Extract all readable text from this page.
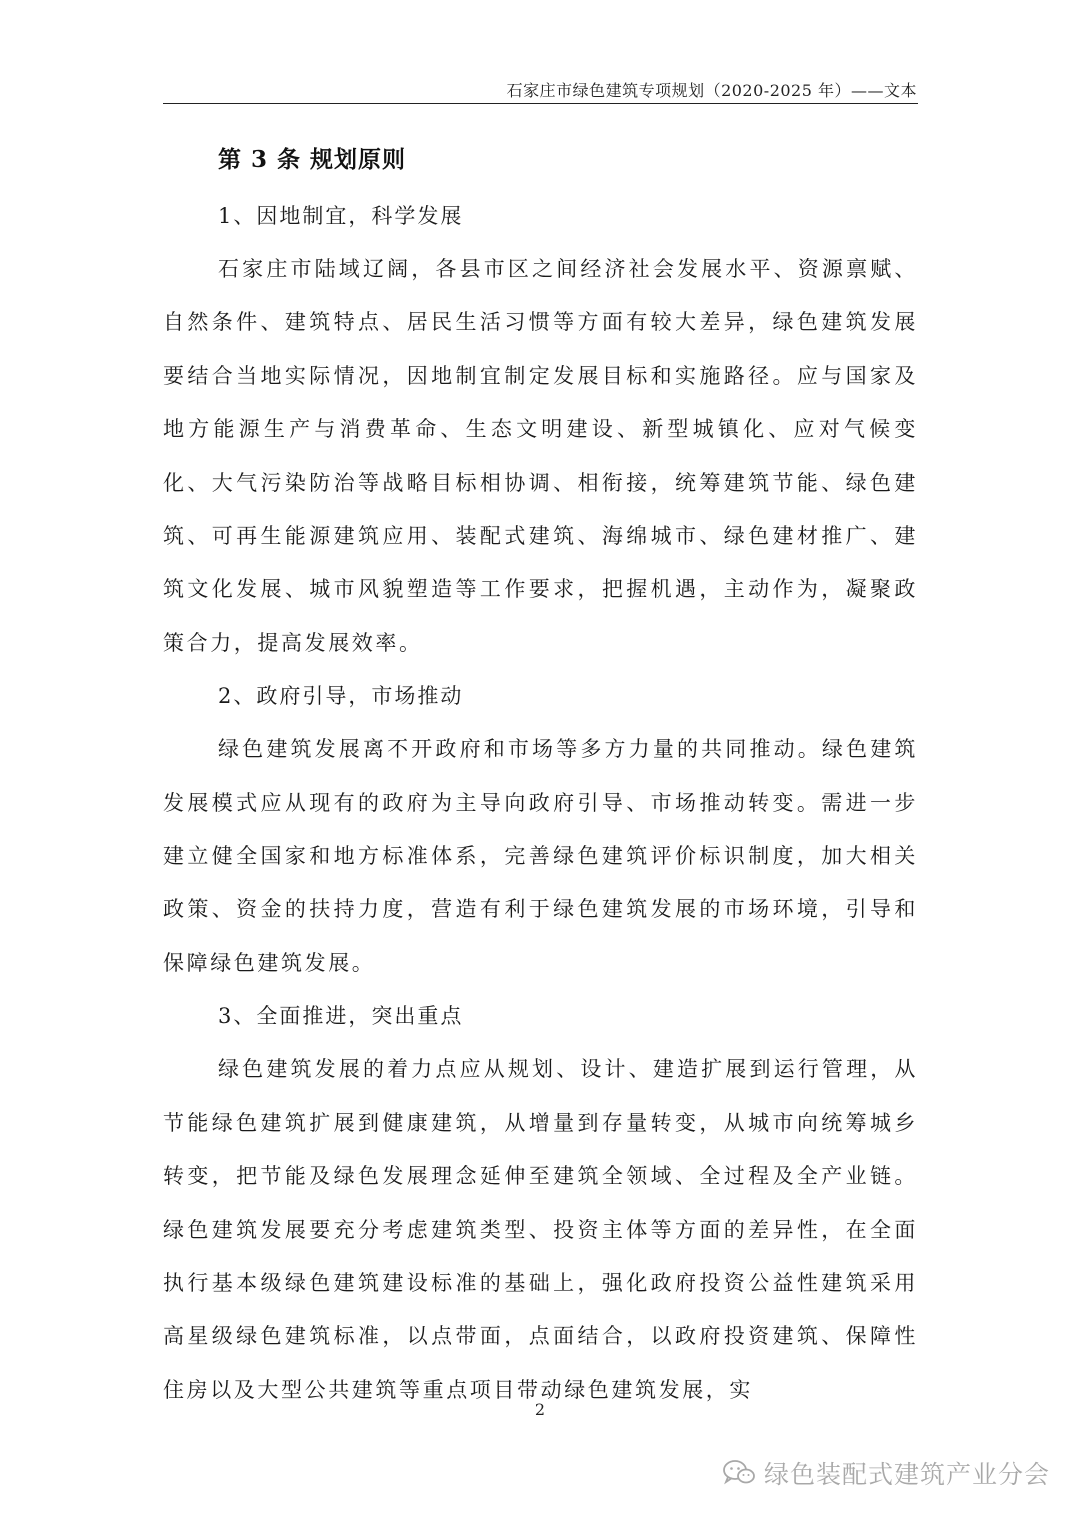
石家庄市绿色建筑专项规划（2020-2025 年）——文本
第 3 条 规划原则

1、因地制宜，科学发展

石家庄市陆域辽阔，各县市区之间经济社会发展水平、资源禀赋、自然条件、建筑特点、居民生活习惯等方面有较大差异，绿色建筑发展要结合当地实际情况，因地制宜制定发展目标和实施路径。应与国家及地方能源生产与消费革命、生态文明建设、新型城镇化、应对气候变化、大气污染防治等战略目标相协调、相衔接，统筹建筑节能、绿色建筑、可再生能源建筑应用、装配式建筑、海绵城市、绿色建材推广、建筑文化发展、城市风貌塑造等工作要求，把握机遇，主动作为，凝聚政策合力，提高发展效率。

2、政府引导，市场推动

绿色建筑发展离不开政府和市场等多方力量的共同推动。绿色建筑发展模式应从现有的政府为主导向政府引导、市场推动转变。需进一步建立健全国家和地方标准体系，完善绿色建筑评价标识制度，加大相关政策、资金的扶持力度，营造有利于绿色建筑发展的市场环境，引导和保障绿色建筑发展。

3、全面推进，突出重点

绿色建筑发展的着力点应从规划、设计、建造扩展到运行管理，从节能绿色建筑扩展到健康建筑，从增量到存量转变，从城市向统筹城乡转变，把节能及绿色发展理念延伸至建筑全领域、全过程及全产业链。绿色建筑发展要充分考虑建筑类型、投资主体等方面的差异性，在全面执行基本级绿色建筑建设标准的基础上，强化政府投资公益性建筑采用高星级绿色建筑标准，以点带面，点面结合，以政府投资建筑、保障性住房以及大型公共建筑等重点项目带动绿色建筑发展，实

2
绿色装配式建筑产业分会
